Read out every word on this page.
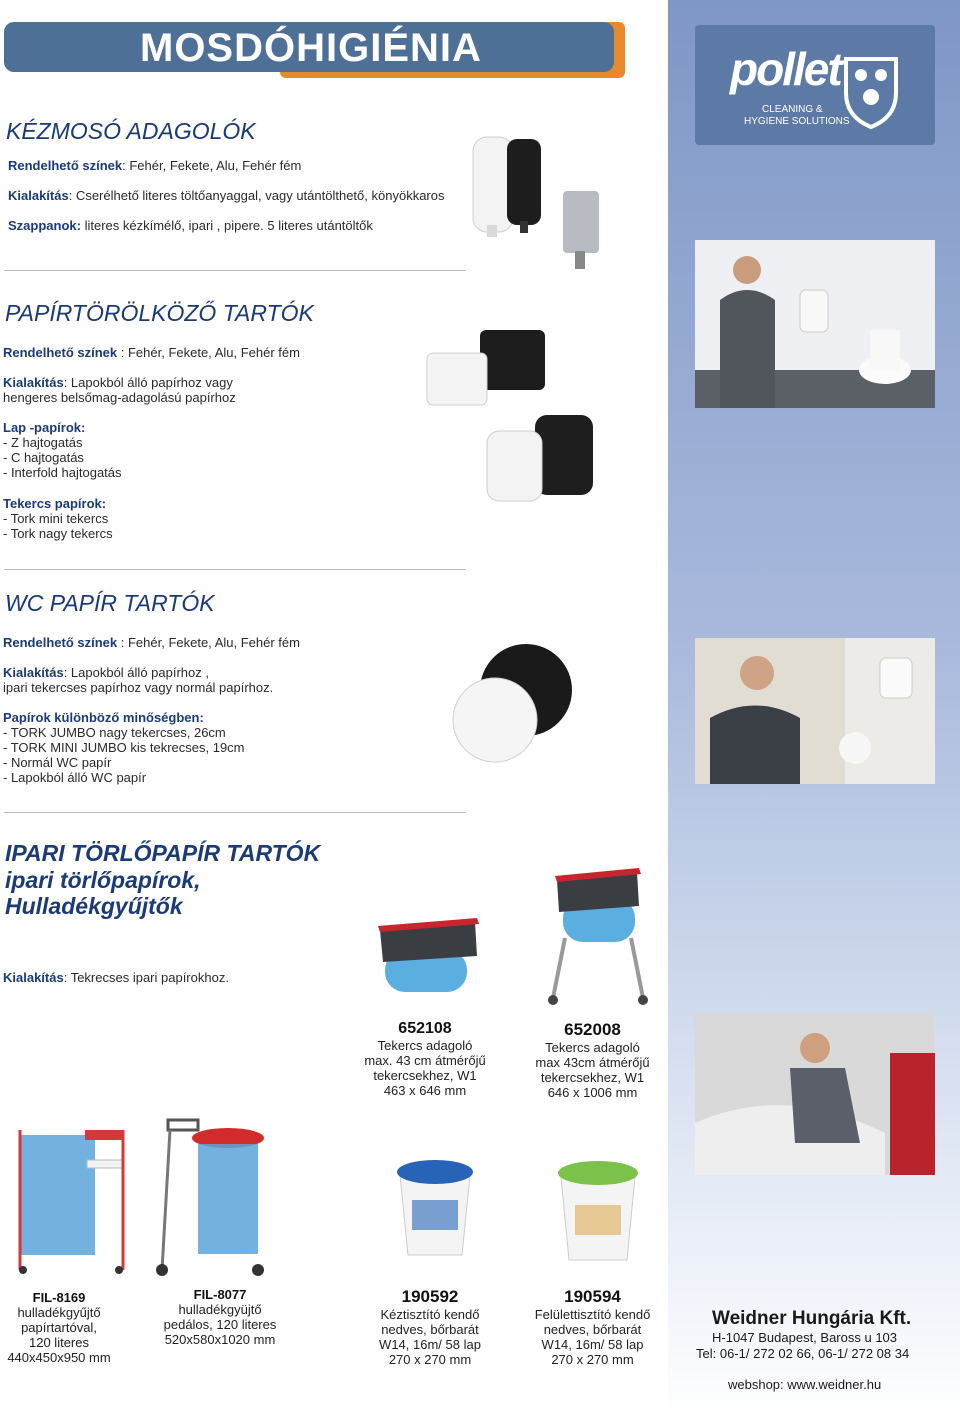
MOSDÓHIGIÉNIA	pollet
CLEANING &
HYGIENE SOLUTIONS
KÉZMOSÓ ADAGOLÓK
Rendelhető színek: Fehér, Fekete, Alu, Fehér fém
Kialakítás: Cserélhető literes töltőanyaggal, vagy utántölthető, könyökkaros
Szappanok: literes kézkímélő, ipari , pipere. 5 literes utántöltők
PAPÍRTÖRÖLKÖZŐ TARTÓK
Rendelhető színek : Fehér, Fekete, Alu, Fehér fém
Kialakítás: Lapokból álló papírhoz vagy
hengeres belsőmag-adagolású papírhoz
Lap -papírok:
- Z hajtogatás
- C hajtogatás
- Interfold hajtogatás
Tekercs papírok:
- Tork mini tekercs
- Tork nagy tekercs
WC PAPÍR TARTÓK
Rendelhető színek : Fehér, Fekete, Alu, Fehér fém
Kialakítás: Lapokból álló papírhoz ,
ipari tekercses papírhoz vagy normál papírhoz.
Papírok különböző minőségben:
- TORK JUMBO nagy tekercses, 26cm
- TORK MINI JUMBO kis tekrecses, 19cm
- Normál WC papír
- Lapokból álló WC papír
IPARI TÖRLŐPAPÍR TARTÓK
ipari törlőpapírok,
Hulladékgyűjtők
Kialakítás: Tekrecses ipari papírokhoz.
652108
Tekercs adagoló
max. 43 cm átmérőjű
tekercsekhez, W1
463 x 646 mm
652008
Tekercs adagoló
max 43cm átmérőjű
tekercsekhez, W1
646 x 1006 mm
FIL-8169
hulladékgyűjtő
papírtartóval,
120 literes
440x450x950 mm
FIL-8077
hulladékgyüjtő
pedálos, 120 literes
520x580x1020 mm
190592
Kéztisztító kendő
nedves, bőrbarát
W14, 16m/ 58 lap
270 x 270 mm
190594
Felülettisztító kendő
nedves, bőrbarát
W14, 16m/ 58 lap
270 x 270 mm
Weidner Hungária Kft.
H-1047 Budapest, Baross u 103
Tel: 06-1/ 272 02 66, 06-1/ 272 08 34
webshop: www.weidner.hu
